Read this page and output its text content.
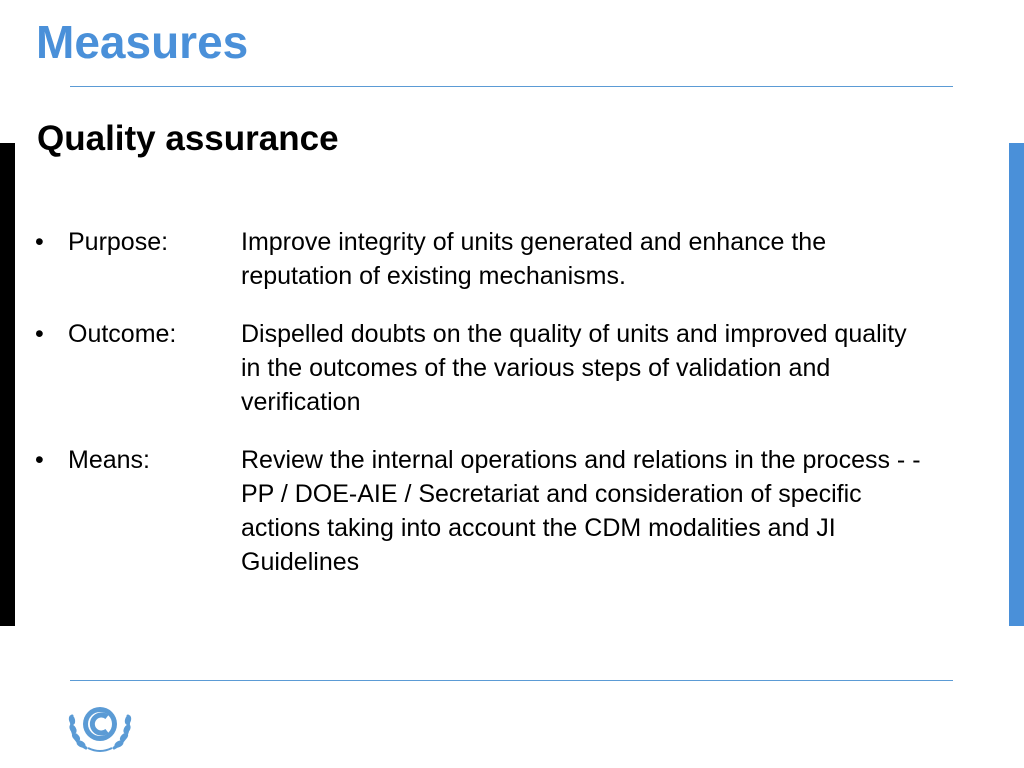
Measures
Quality assurance
• Purpose:	Improve integrity of units generated and enhance the reputation of existing mechanisms.
• Outcome:	Dispelled doubts on the quality of units and improved quality in the outcomes of the various steps of validation and verification
• Means:	Review the internal operations and relations in the process - - PP / DOE-AIE / Secretariat and consideration of specific actions taking into account the CDM modalities and JI Guidelines
